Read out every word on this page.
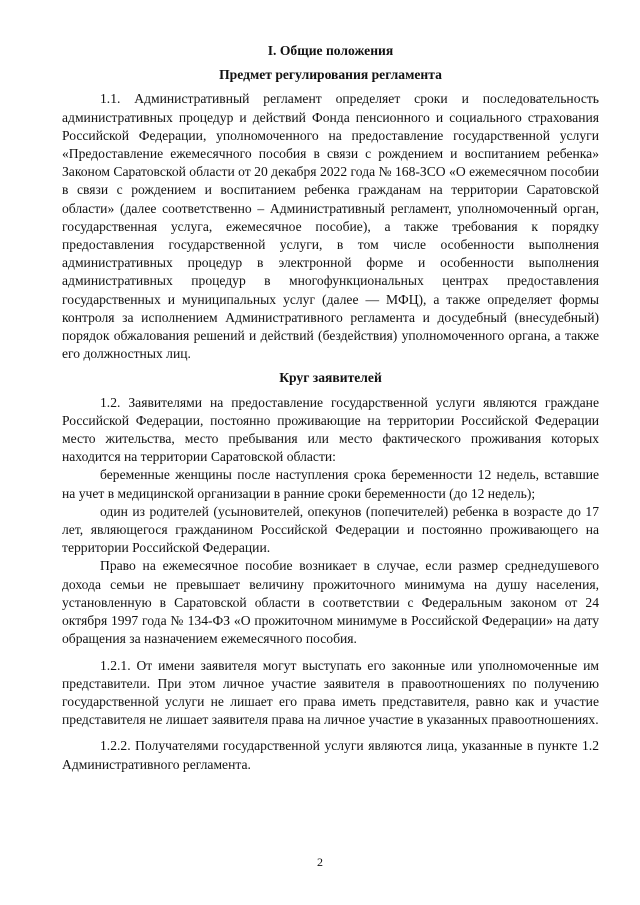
I. Общие положения
Предмет регулирования регламента

1.1. Административный регламент определяет сроки и последовательность административных процедур и действий Фонда пенсионного и социального страхования Российской Федерации, уполномоченного на предоставление государственной услуги «Предоставление ежемесячного пособия в связи с рождением и воспитанием ребенка» Законом Саратовской области от 20 декабря 2022 года № 168-ЗСО «О ежемесячном пособии в связи с рождением и воспитанием ребенка гражданам на территории Саратовской области» (далее соответственно – Административный регламент, уполномоченный орган, государственная услуга, ежемесячное пособие), а также требования к порядку предоставления государственной услуги, в том числе особенности выполнения административных процедур в электронной форме и особенности выполнения административных процедур в многофункциональных центрах предоставления государственных и муниципальных услуг (далее — МФЦ), а также определяет формы контроля за исполнением Административного регламента и досудебный (внесудебный) порядок обжалования решений и действий (бездействия) уполномоченного органа, а также его должностных лиц.

Круг заявителей

1.2. Заявителями на предоставление государственной услуги являются граждане Российской Федерации, постоянно проживающие на территории Российской Федерации место жительства, место пребывания или место фактического проживания которых находится на территории Саратовской области:

беременные женщины после наступления срока беременности 12 недель, вставшие на учет в медицинской организации в ранние сроки беременности (до 12 недель);

один из родителей (усыновителей, опекунов (попечителей) ребенка в возрасте до 17 лет, являющегося гражданином Российской Федерации и постоянно проживающего на территории Российской Федерации.

Право на ежемесячное пособие возникает в случае, если размер среднедушевого дохода семьи не превышает величину прожиточного минимума на душу населения, установленную в Саратовской области в соответствии с Федеральным законом от 24 октября 1997 года № 134-ФЗ «О прожиточном минимуме в Российской Федерации» на дату обращения за назначением ежемесячного пособия.

1.2.1. От имени заявителя могут выступать его законные или уполномоченные им представители. При этом личное участие заявителя в правоотношениях по получению государственной услуги не лишает его права иметь представителя, равно как и участие представителя не лишает заявителя права на личное участие в указанных правоотношениях.

1.2.2. Получателями государственной услуги являются лица, указанные в пункте 1.2 Административного регламента.

2
